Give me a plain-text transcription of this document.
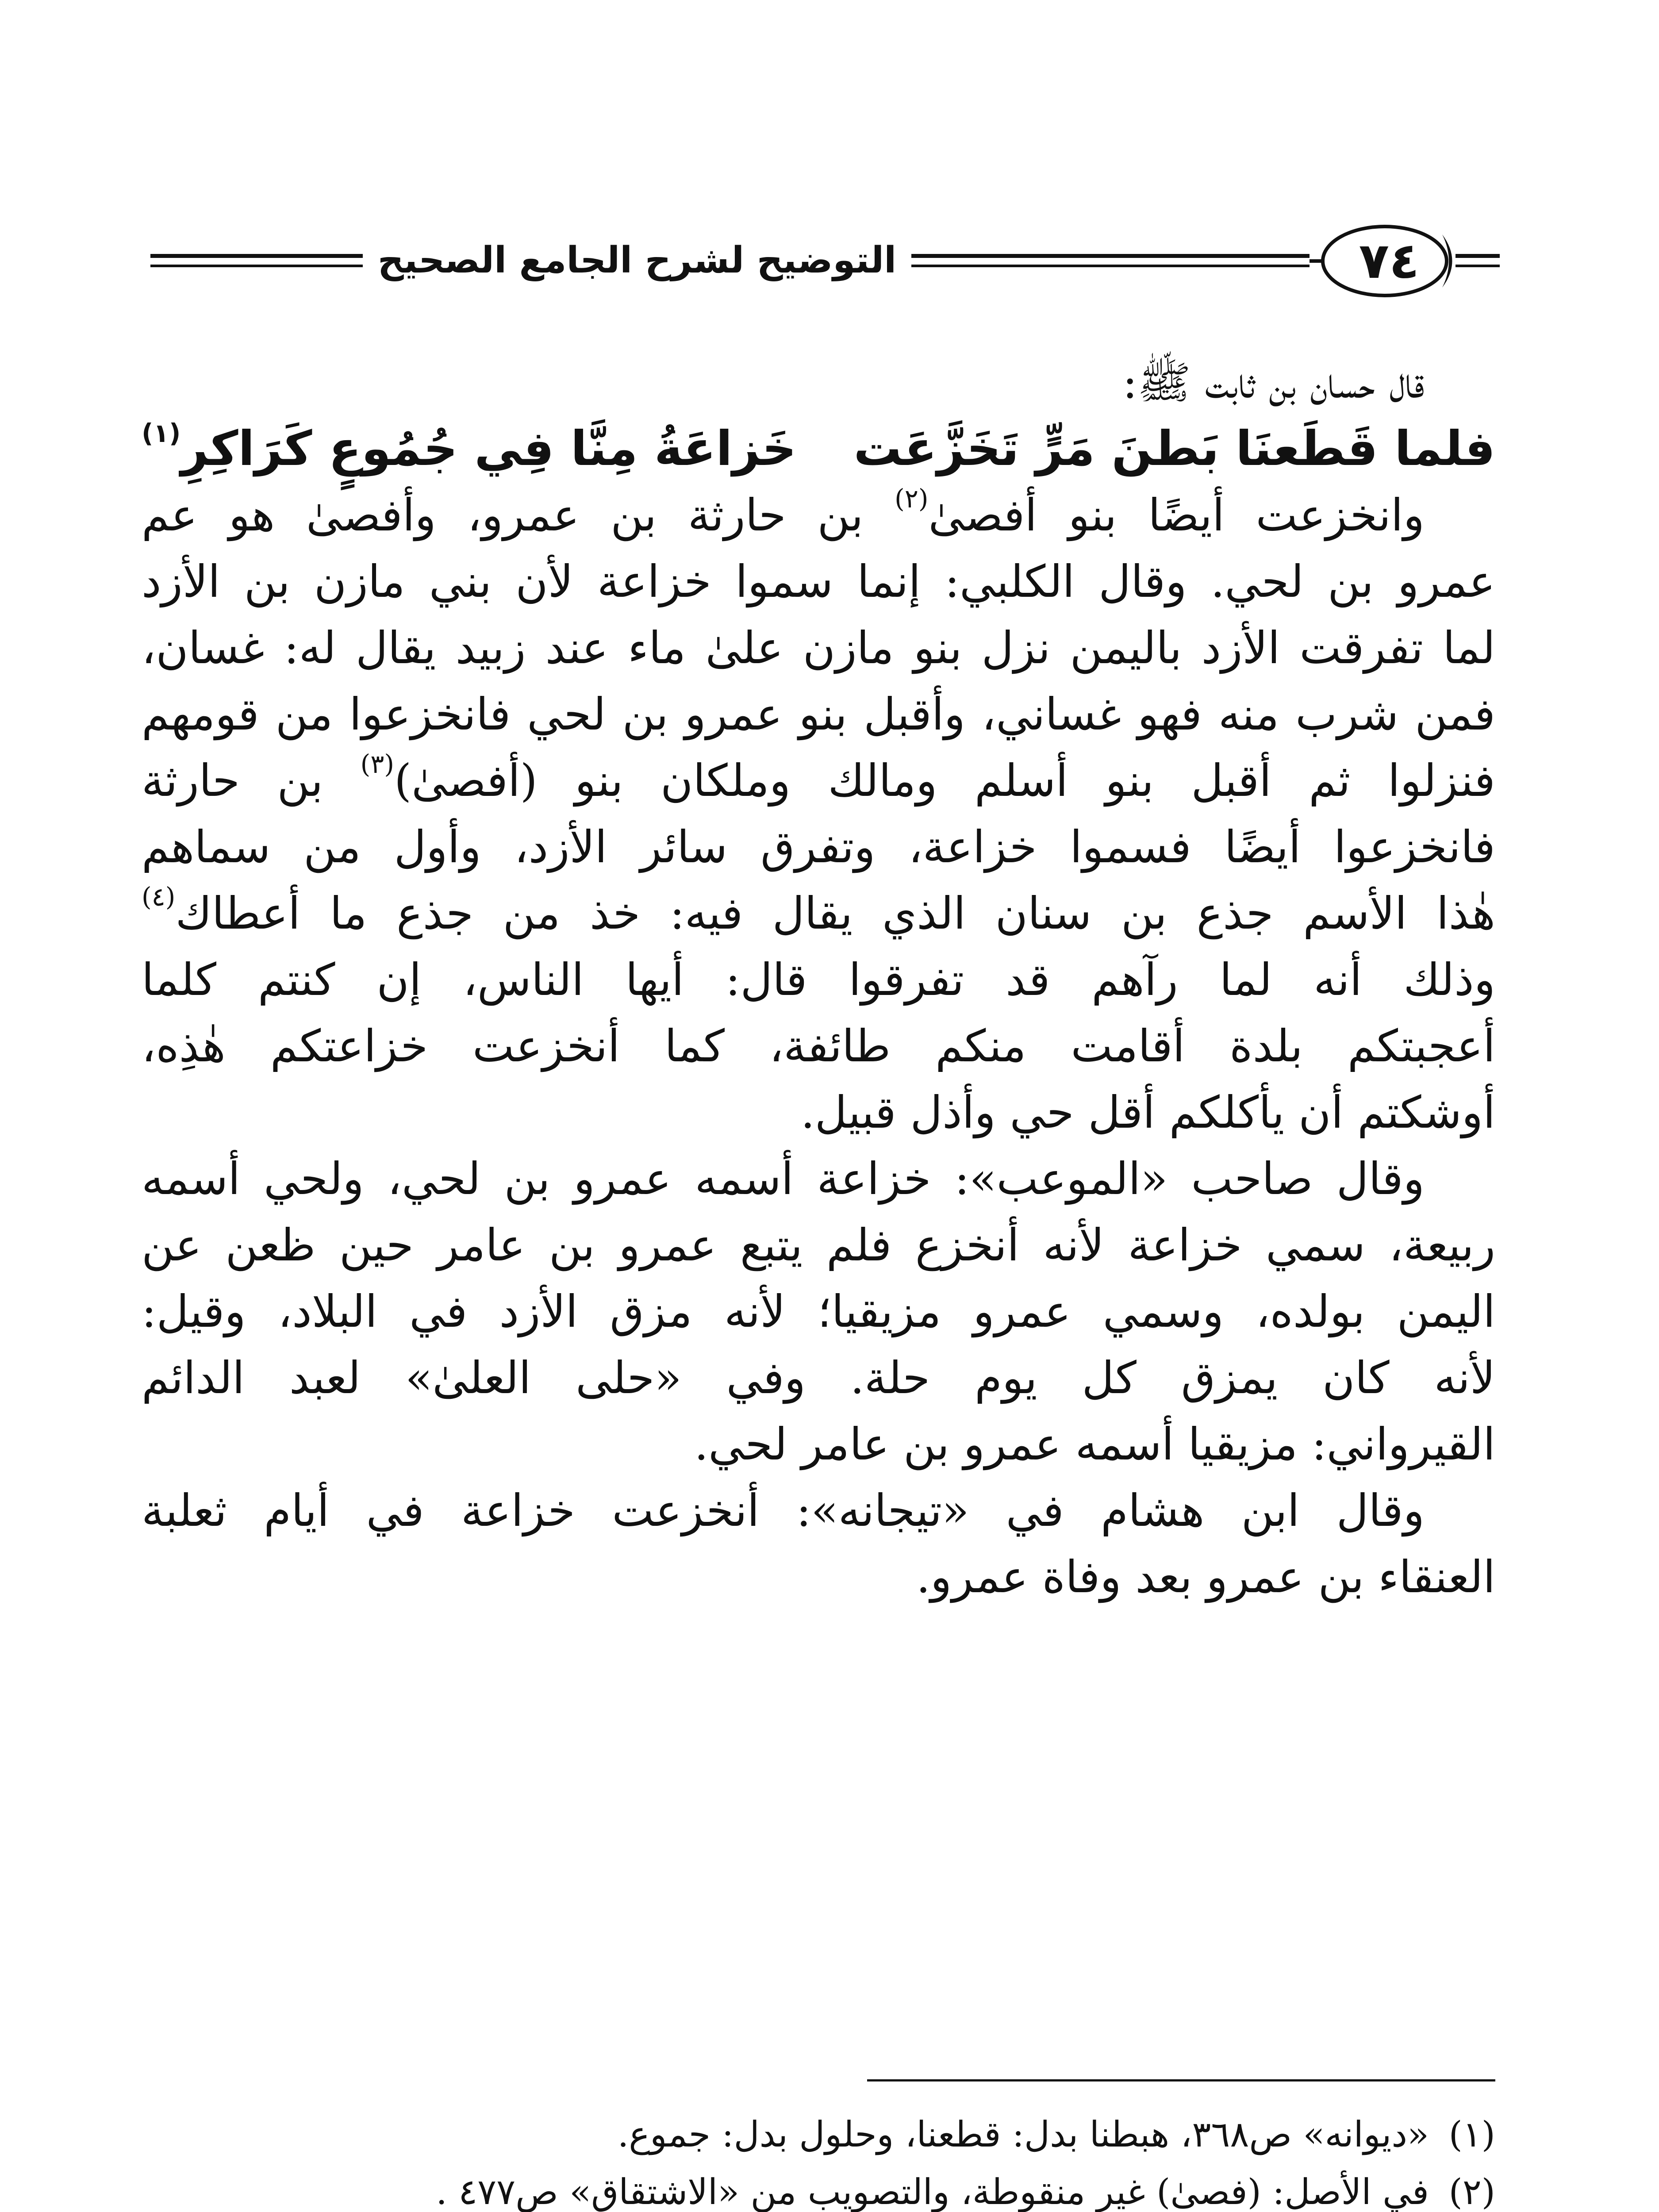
٧٤
التوضيح لشرح الجامع الصحيح
قال حسان بن ثابت ﷺ:
فلما قَطَعنَا بَطنَ مَرٍّ تَخَزَّعَت
خَزاعَةُ مِنَّا فِي جُمُوعٍ كَرَاكِرِ$^{(١)}$
وانخزعت أيضًا بنو أفصىٰ$^{(٢)}$ بن حارثة بن عمرو، وأفصىٰ هو عم
عمرو بن لحي. وقال الكلبي: إنما سموا خزاعة لأن بني مازن بن الأزد
لما تفرقت الأزد باليمن نزل بنو مازن علىٰ ماء عند زبيد يقال له: غسان،
فمن شرب منه فهو غساني، وأقبل بنو عمرو بن لحي فانخزعوا من قومهم
فنزلوا ثم أقبل بنو أسلم ومالك وملكان بنو (أفصىٰ)$^{(٣)}$ بن حارثة
فانخزعوا أيضًا فسموا خزاعة، وتفرق سائر الأزد، وأول من سماهم
هٰذا الأسم جذع بن سنان الذي يقال فيه: خذ من جذع ما أعطاك$^{(٤)}$
وذلك أنه لما رآهم قد تفرقوا قال: أيها الناس، إن كنتم كلما
أعجبتكم بلدة أقامت منكم طائفة، كما أنخزعت خزاعتكم هٰذِه،
أوشكتم أن يأكلكم أقل حي وأذل قبيل.
وقال صاحب «الموعب»: خزاعة أسمه عمرو بن لحي، ولحي أسمه
ربيعة، سمي خزاعة لأنه أنخزع فلم يتبع عمرو بن عامر حين ظعن عن
اليمن بولده، وسمي عمرو مزيقيا؛ لأنه مزق الأزد في البلاد، وقيل:
لأنه كان يمزق كل يوم حلة. وفي «حلى العلىٰ» لعبد الدائم
القيرواني: مزيقيا أسمه عمرو بن عامر لحي.
وقال ابن هشام في «تيجانه»: أنخزعت خزاعة في أيام ثعلبة
العنقاء بن عمرو بعد وفاة عمرو.
(١)«ديوانه» ص٣٦٨، هبطنا بدل: قطعنا، وحلول بدل: جموع.
(٢)في الأصل: (فصىٰ) غير منقوطة، والتصويب من «الاشتقاق» ص٤٧٧ .
